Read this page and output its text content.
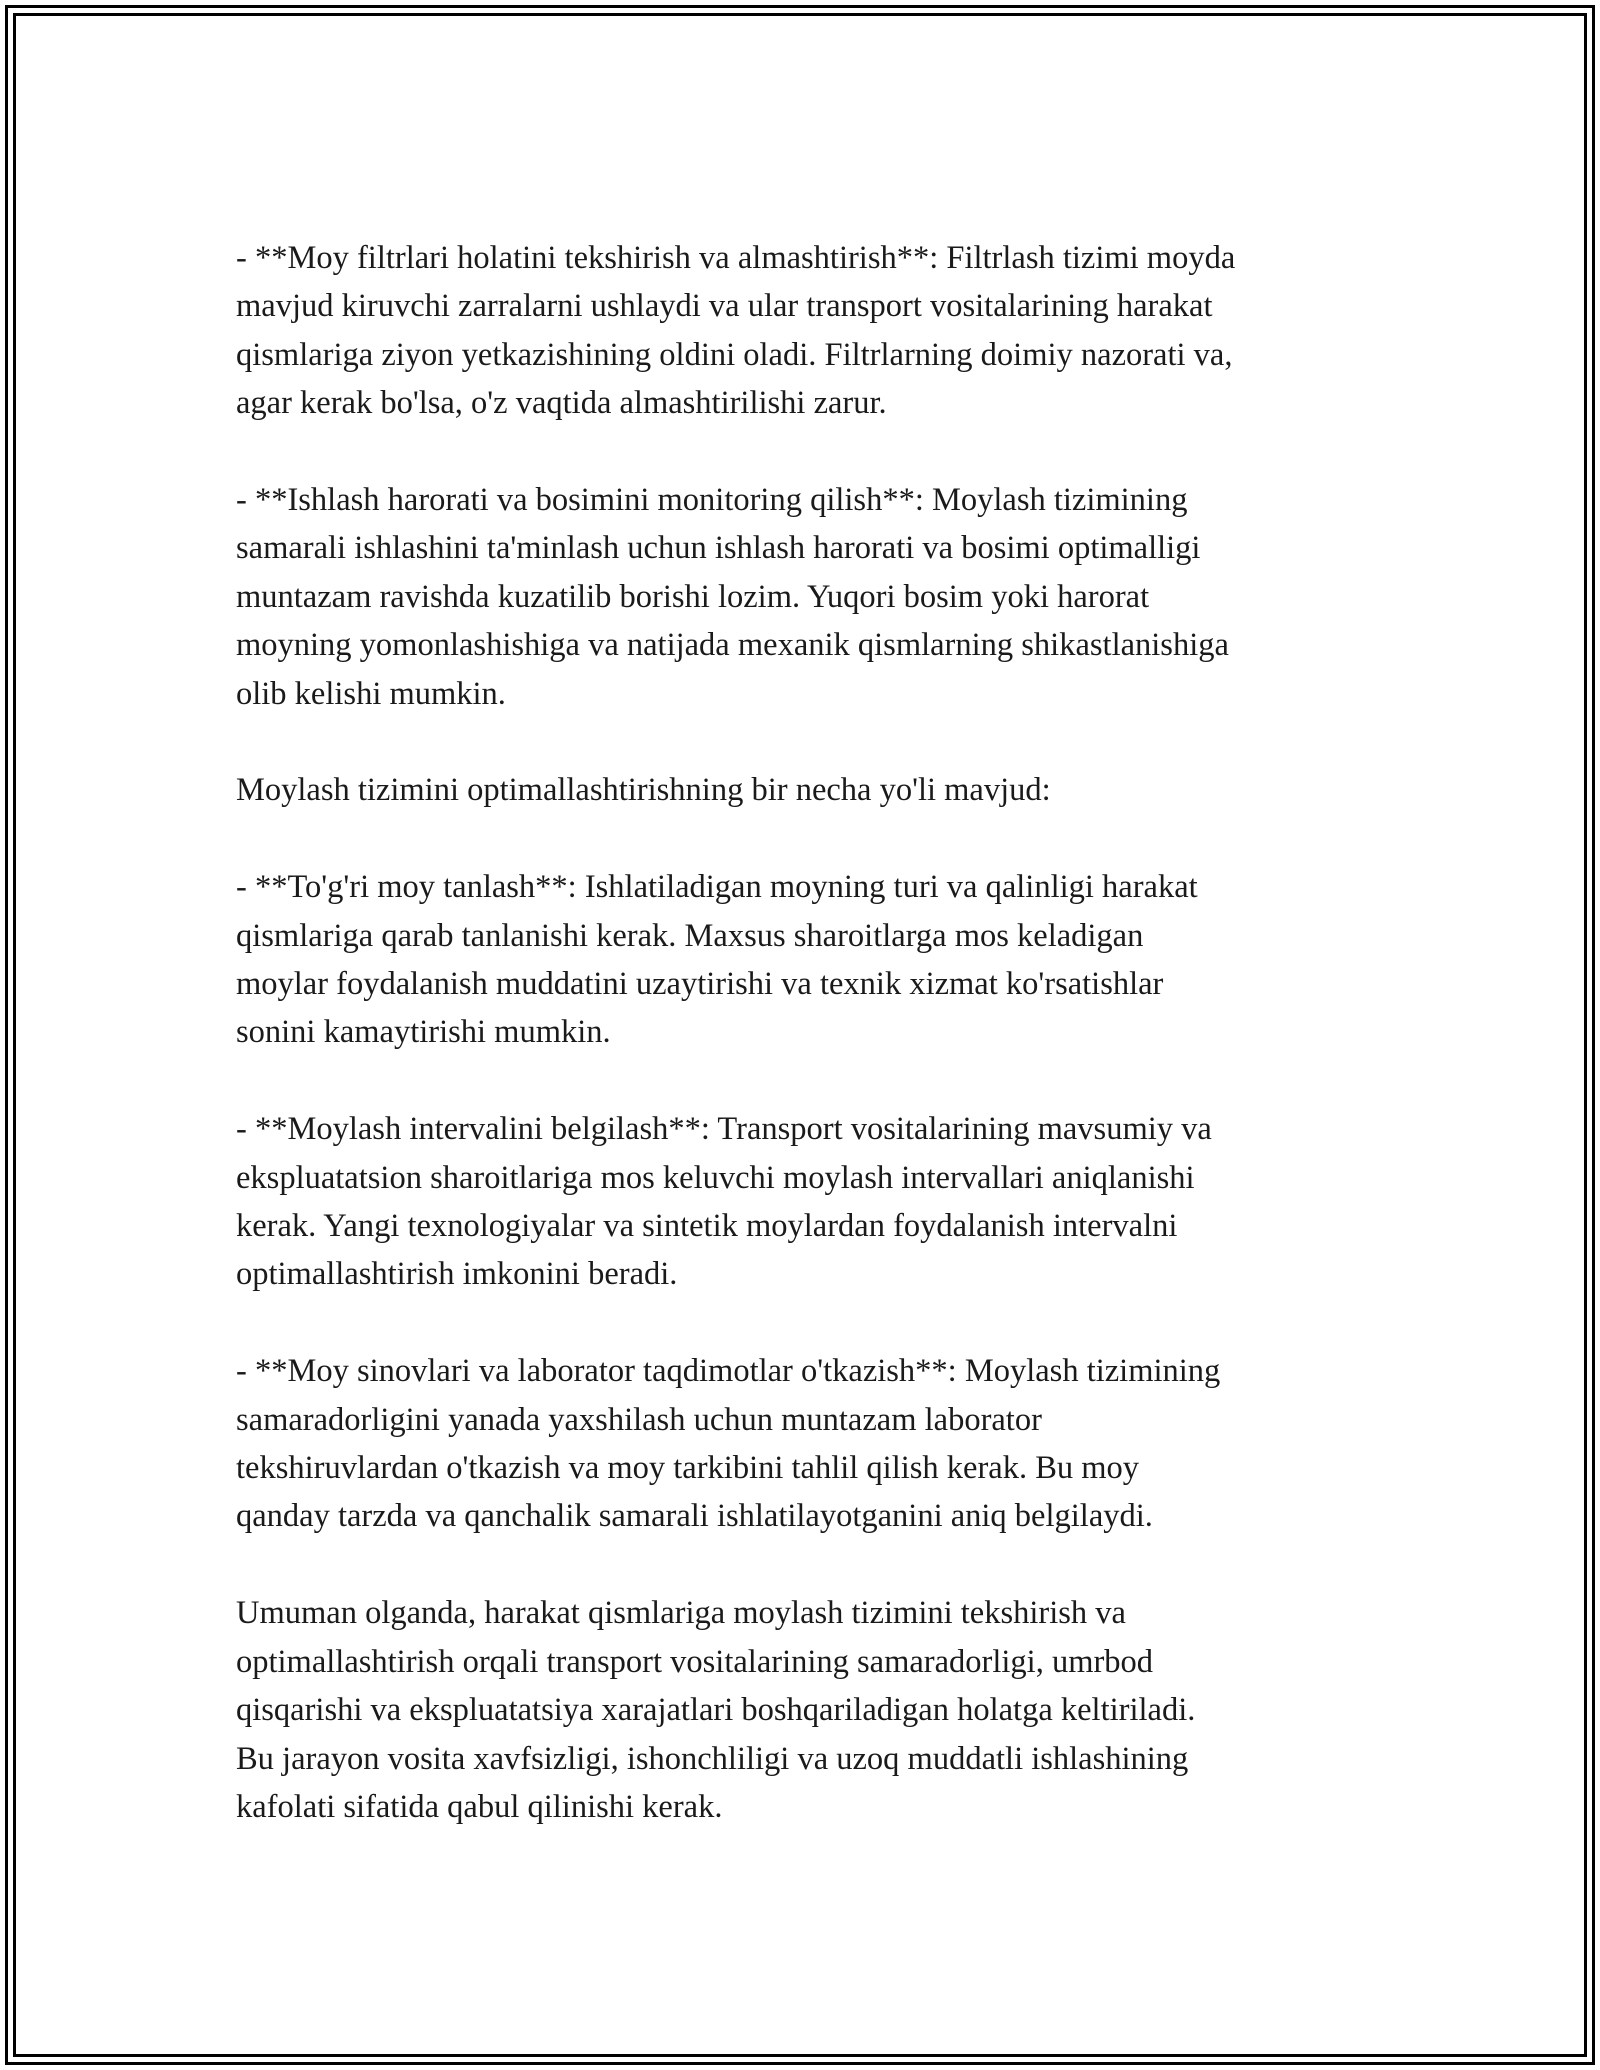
- **Moy filtrlari holatini tekshirish va almashtirish**: Filtrlash tizimi moyda
mavjud kiruvchi zarralarni ushlaydi va ular transport vositalarining harakat
qismlariga ziyon yetkazishining oldini oladi. Filtrlarning doimiy nazorati va,
agar kerak bo'lsa, o'z vaqtida almashtirilishi zarur.

- **Ishlash harorati va bosimini monitoring qilish**: Moylash tizimining
samarali ishlashini ta'minlash uchun ishlash harorati va bosimi optimalligi
muntazam ravishda kuzatilib borishi lozim. Yuqori bosim yoki harorat
moyning yomonlashishiga va natijada mexanik qismlarning shikastlanishiga
olib kelishi mumkin.

Moylash tizimini optimallashtirishning bir necha yo'li mavjud:

- **To'g'ri moy tanlash**: Ishlatiladigan moyning turi va qalinligi harakat
qismlariga qarab tanlanishi kerak. Maxsus sharoitlarga mos keladigan
moylar foydalanish muddatini uzaytirishi va texnik xizmat ko'rsatishlar
sonini kamaytirishi mumkin.

- **Moylash intervalini belgilash**: Transport vositalarining mavsumiy va
ekspluatatsion sharoitlariga mos keluvchi moylash intervallari aniqlanishi
kerak. Yangi texnologiyalar va sintetik moylardan foydalanish intervalni
optimallashtirish imkonini beradi.

- **Moy sinovlari va laborator taqdimotlar o'tkazish**: Moylash tizimining
samaradorligini yanada yaxshilash uchun muntazam laborator
tekshiruvlardan o'tkazish va moy tarkibini tahlil qilish kerak. Bu moy
qanday tarzda va qanchalik samarali ishlatilayotganini aniq belgilaydi.

Umuman olganda, harakat qismlariga moylash tizimini tekshirish va
optimallashtirish orqali transport vositalarining samaradorligi, umrbod
qisqarishi va ekspluatatsiya xarajatlari boshqariladigan holatga keltiriladi.
Bu jarayon vosita xavfsizligi, ishonchliligi va uzoq muddatli ishlashining
kafolati sifatida qabul qilinishi kerak.
